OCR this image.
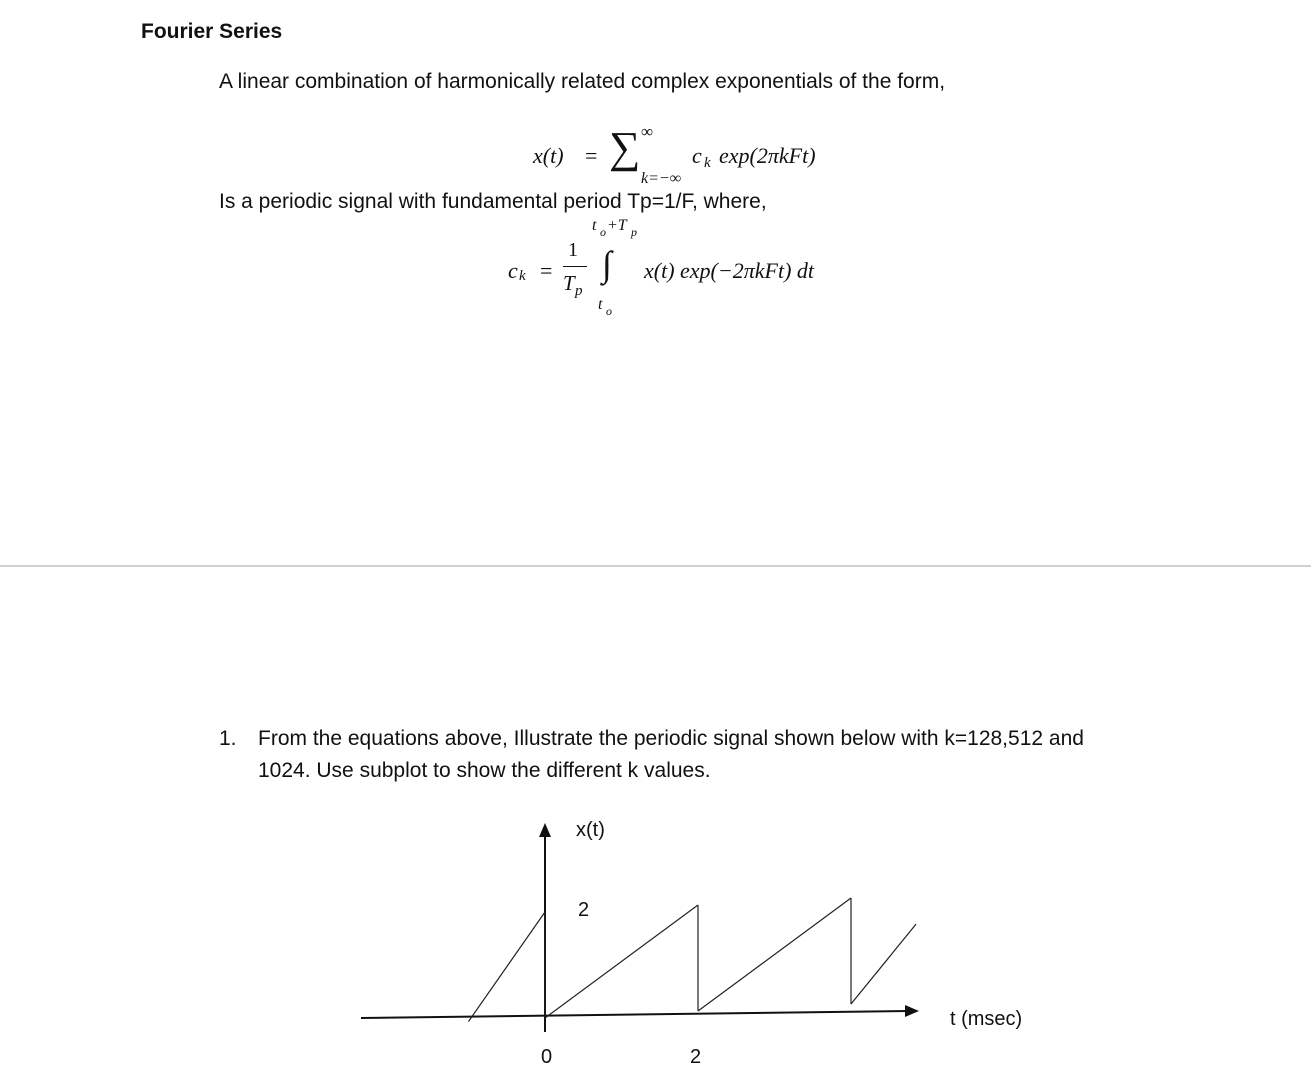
Fourier Series
A linear combination of harmonically related complex exponentials of the form,
x(t) = ∑ ∞
k=−∞
c k exp(2πkFt)
Is a periodic signal with fundamental period Tp=1/F, where,
c k =
1
T p
∫
t o +T p
t o
x(t) exp(−2πkFt) dt
1. From the equations above, Illustrate the periodic signal shown below with k=128,512 and
1024. Use subplot to show the different k values.
x(t)
t (msec)
2
0	2
